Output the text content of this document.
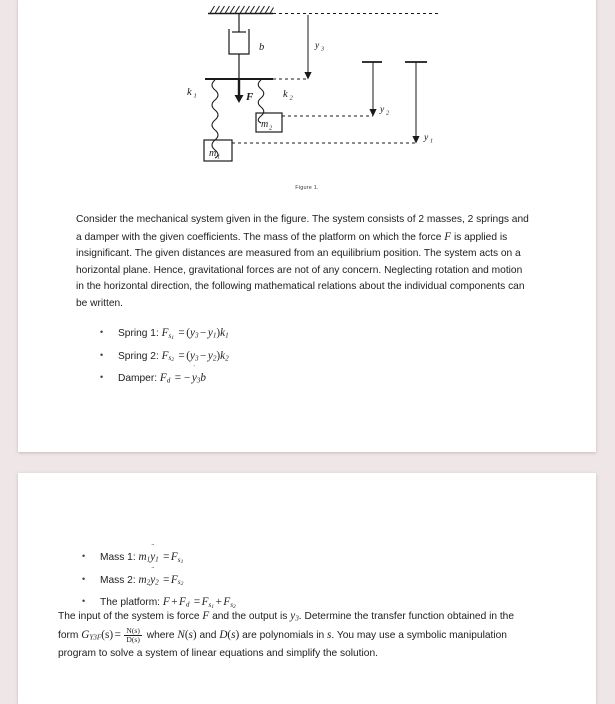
b
k 1	k 2
F
m 2
m 1
y 3
y 2
y 1
Figure 1.
Consider the mechanical system given in the figure. The system consists of 2 masses, 2 springs and a damper with the given coefficients. The mass of the platform on which the force F is applied is insignificant. The given distances are measured from an equilibrium position. The system acts on a horizontal plane. Hence, gravitational forces are not of any concern. Neglecting rotation and motion in the horizontal direction, the following mathematical relations about the individual components can be written.
• Spring 1: $F_{s_1} = (y_3 - y_1)k_1$
• Spring 2: $F_{s_2} = (y_3 - y_2)k_2$
• Damper: $F_d$ = −
˙
$y_3b$
• Mass 1: $m_1$
¨
$y_1 = F_{s_1}$
• Mass 2: $m_2$
¨
$y_2 = F_{s_2}$
• The platform: $F + F_d = F_{s_1} + F_{s_2}$
The input of the system is force F and the output is $y_3$. Determine the transfer function obtained in the form $G_{Y3F}(s) = \frac{N(s)}{D(s)}$ where N(s) and D(s) are polynomials in s. You may use a symbolic manipulation program to solve a system of linear equations and simplify the solution.
